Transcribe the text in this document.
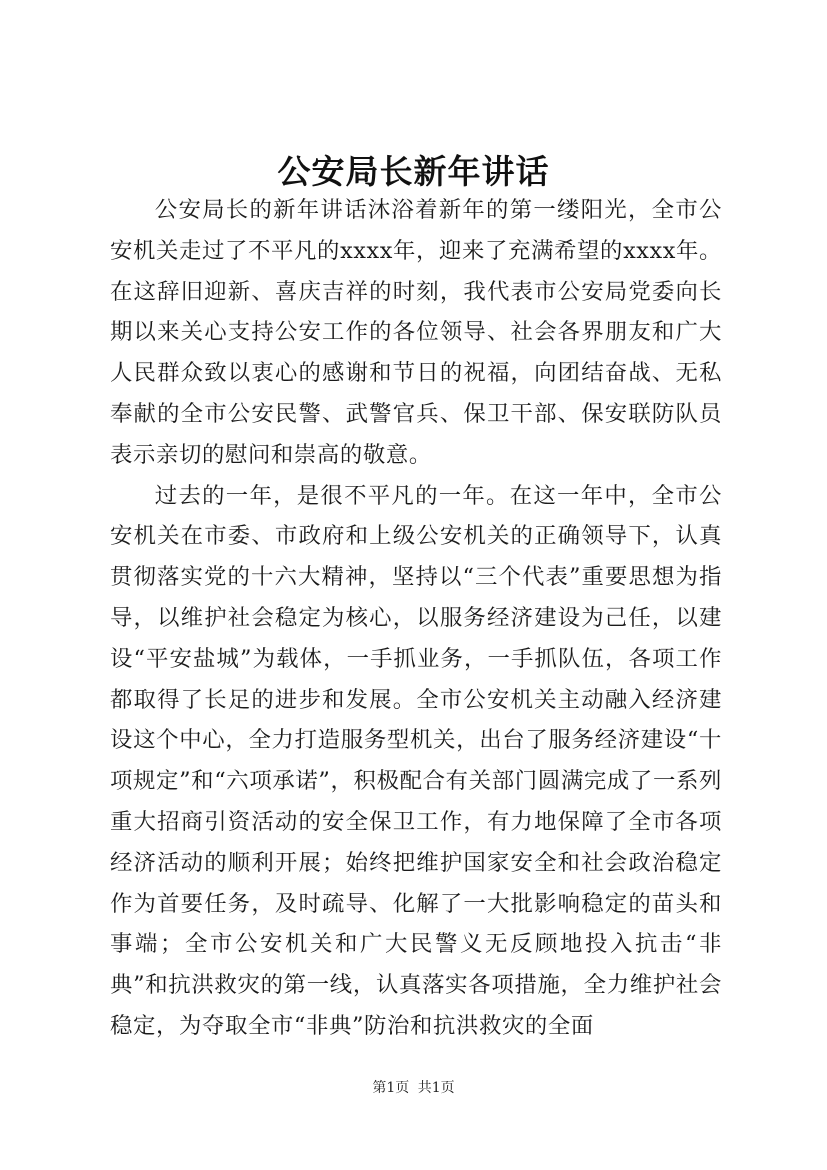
公安局长新年讲话

公安局长的新年讲话沐浴着新年的第一缕阳光，全市公安机关走过了不平凡的xxxx年，迎来了充满希望的xxxx年。在这辞旧迎新、喜庆吉祥的时刻，我代表市公安局党委向长期以来关心支持公安工作的各位领导、社会各界朋友和广大人民群众致以衷心的感谢和节日的祝福，向团结奋战、无私奉献的全市公安民警、武警官兵、保卫干部、保安联防队员表示亲切的慰问和崇高的敬意。

过去的一年，是很不平凡的一年。在这一年中，全市公安机关在市委、市政府和上级公安机关的正确领导下，认真贯彻落实党的十六大精神，坚持以“三个代表”重要思想为指导，以维护社会稳定为核心，以服务经济建设为己任，以建设“平安盐城”为载体，一手抓业务，一手抓队伍，各项工作都取得了长足的进步和发展。全市公安机关主动融入经济建设这个中心，全力打造服务型机关，出台了服务经济建设“十项规定”和“六项承诺”，积极配合有关部门圆满完成了一系列重大招商引资活动的安全保卫工作，有力地保障了全市各项经济活动的顺利开展；始终把维护国家安全和社会政治稳定作为首要任务，及时疏导、化解了一大批影响稳定的苗头和事端；全市公安机关和广大民警义无反顾地投入抗击“非典”和抗洪救灾的第一线，认真落实各项措施，全力维护社会稳定，为夺取全市“非典”防治和抗洪救灾的全面

第1页 共1页
